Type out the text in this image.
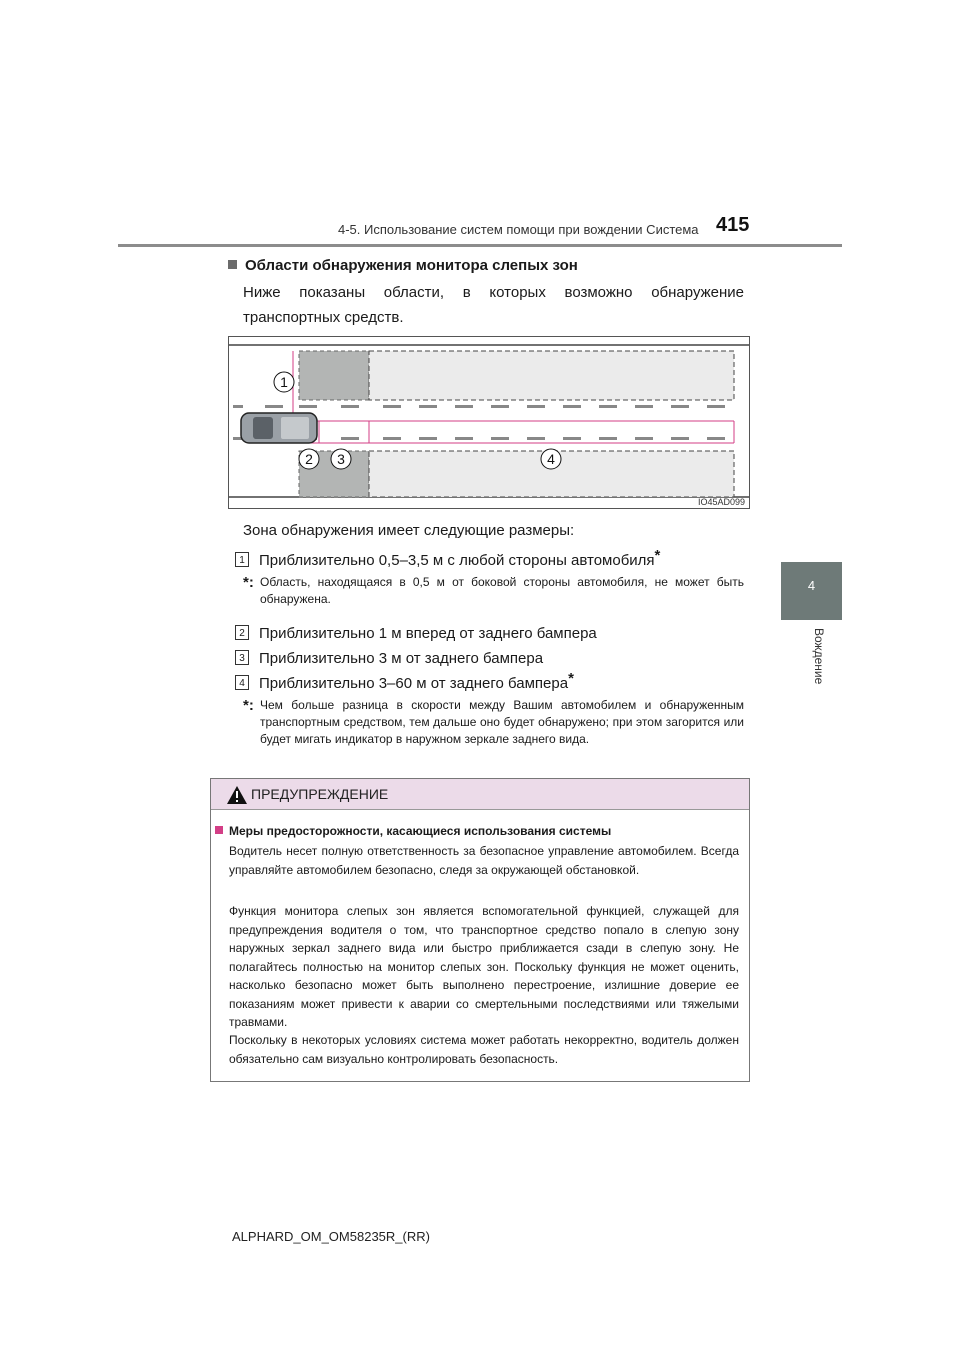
4-5. Использование систем помощи при вождении Система 415
4
Вождение
Области обнаружения монитора слепых зон
Ниже показаны области, в которых возможно обнаружение транспортных средств.
1
2 3	4
IO45AD099
Зона обнаружения имеет следующие размеры:
1 Приблизительно 0,5–3,5 м с любой стороны автомобиля*
*: Область, находящаяся в 0,5 м от боковой стороны автомобиля, не может быть обнаружена.
2 Приблизительно 1 м вперед от заднего бампера
3 Приблизительно 3 м от заднего бампера
4 Приблизительно 3–60 м от заднего бампера*
*: Чем больше разница в скорости между Вашим автомобилем и обнаруженным транспортным средством, тем дальше оно будет обнаружено; при этом загорится или будет мигать индикатор в наружном зеркале заднего вида.
ПРЕДУПРЕЖДЕНИЕ
Меры предосторожности, касающиеся использования системы
Водитель несет полную ответственность за безопасное управление автомобилем. Всегда управляйте автомобилем безопасно, следя за окружающей обстановкой.
Функция монитора слепых зон является вспомогательной функцией, служащей для предупреждения водителя о том, что транспортное средство попало в слепую зону наружных зеркал заднего вида или быстро приближается сзади в слепую зону. Не полагайтесь полностью на монитор слепых зон. Поскольку функция не может оценить, насколько безопасно может быть выполнено перестроение, излишние доверие ее показаниям может привести к аварии со смертельными последствиями или тяжелыми травмами.
Поскольку в некоторых условиях система может работать некорректно, водитель должен обязательно сам визуально контролировать безопасность.
ALPHARD_OM_OM58235R_(RR)
